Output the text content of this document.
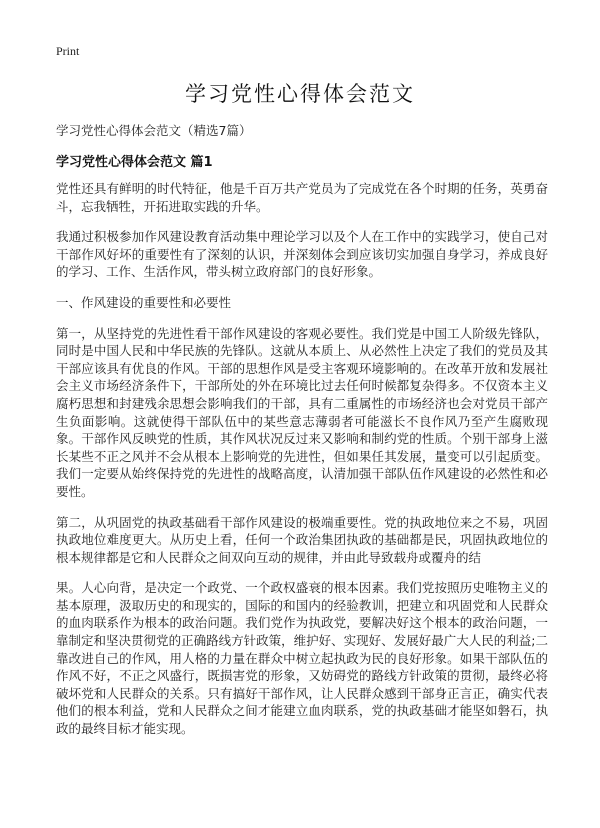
Print
学习党性心得体会范文
学习党性心得体会范文（精选7篇）
学习党性心得体会范文 篇1

党性还具有鲜明的时代特征，他是千百万共产党员为了完成党在各个时期的任务，英勇奋斗，忘我牺牲，开拓进取实践的升华。

我通过积极参加作风建设教育活动集中理论学习以及个人在工作中的实践学习，使自己对干部作风好坏的重要性有了深刻的认识，并深刻体会到应该切实加强自身学习，养成良好的学习、工作、生活作风，带头树立政府部门的良好形象。

一、作风建设的重要性和必要性

第一，从坚持党的先进性看干部作风建设的客观必要性。我们党是中国工人阶级先锋队，同时是中国人民和中华民族的先锋队。这就从本质上、从必然性上决定了我们的党员及其干部应该具有优良的作风。干部的思想作风是受主客观环境影响的。在改革开放和发展社会主义市场经济条件下，干部所处的外在环境比过去任何时候都复杂得多。不仅资本主义腐朽思想和封建残余思想会影响我们的干部，具有二重属性的市场经济也会对党员干部产生负面影响。这就使得干部队伍中的某些意志薄弱者可能滋长不良作风乃至产生腐败现象。干部作风反映党的性质，其作风状况反过来又影响和制约党的性质。个别干部身上滋长某些不正之风并不会从根本上影响党的先进性，但如果任其发展，量变可以引起质变。我们一定要从始终保持党的先进性的战略高度，认清加强干部队伍作风建设的必然性和必要性。

第二，从巩固党的执政基础看干部作风建设的极端重要性。党的执政地位来之不易，巩固执政地位难度更大。从历史上看，任何一个政治集团执政的基础都是民，巩固执政地位的根本规律都是它和人民群众之间双向互动的规律，并由此导致载舟或覆舟的结

果。人心向背，是决定一个政党、一个政权盛衰的根本因素。我们党按照历史唯物主义的基本原理，汲取历史的和现实的，国际的和国内的经验教训，把建立和巩固党和人民群众的血肉联系作为根本的政治问题。我们党作为执政党，要解决好这个根本的政治问题，一靠制定和坚决贯彻党的正确路线方针政策，维护好、实现好、发展好最广大人民的利益;二靠改进自己的作风，用人格的力量在群众中树立起执政为民的良好形象。如果干部队伍的作风不好，不正之风盛行，既损害党的形象，又妨碍党的路线方针政策的贯彻，最终必将破坏党和人民群众的关系。只有搞好干部作风，让人民群众感到干部身正言正，确实代表他们的根本利益，党和人民群众之间才能建立血肉联系，党的执政基础才能坚如磐石，执政的最终目标才能实现。
